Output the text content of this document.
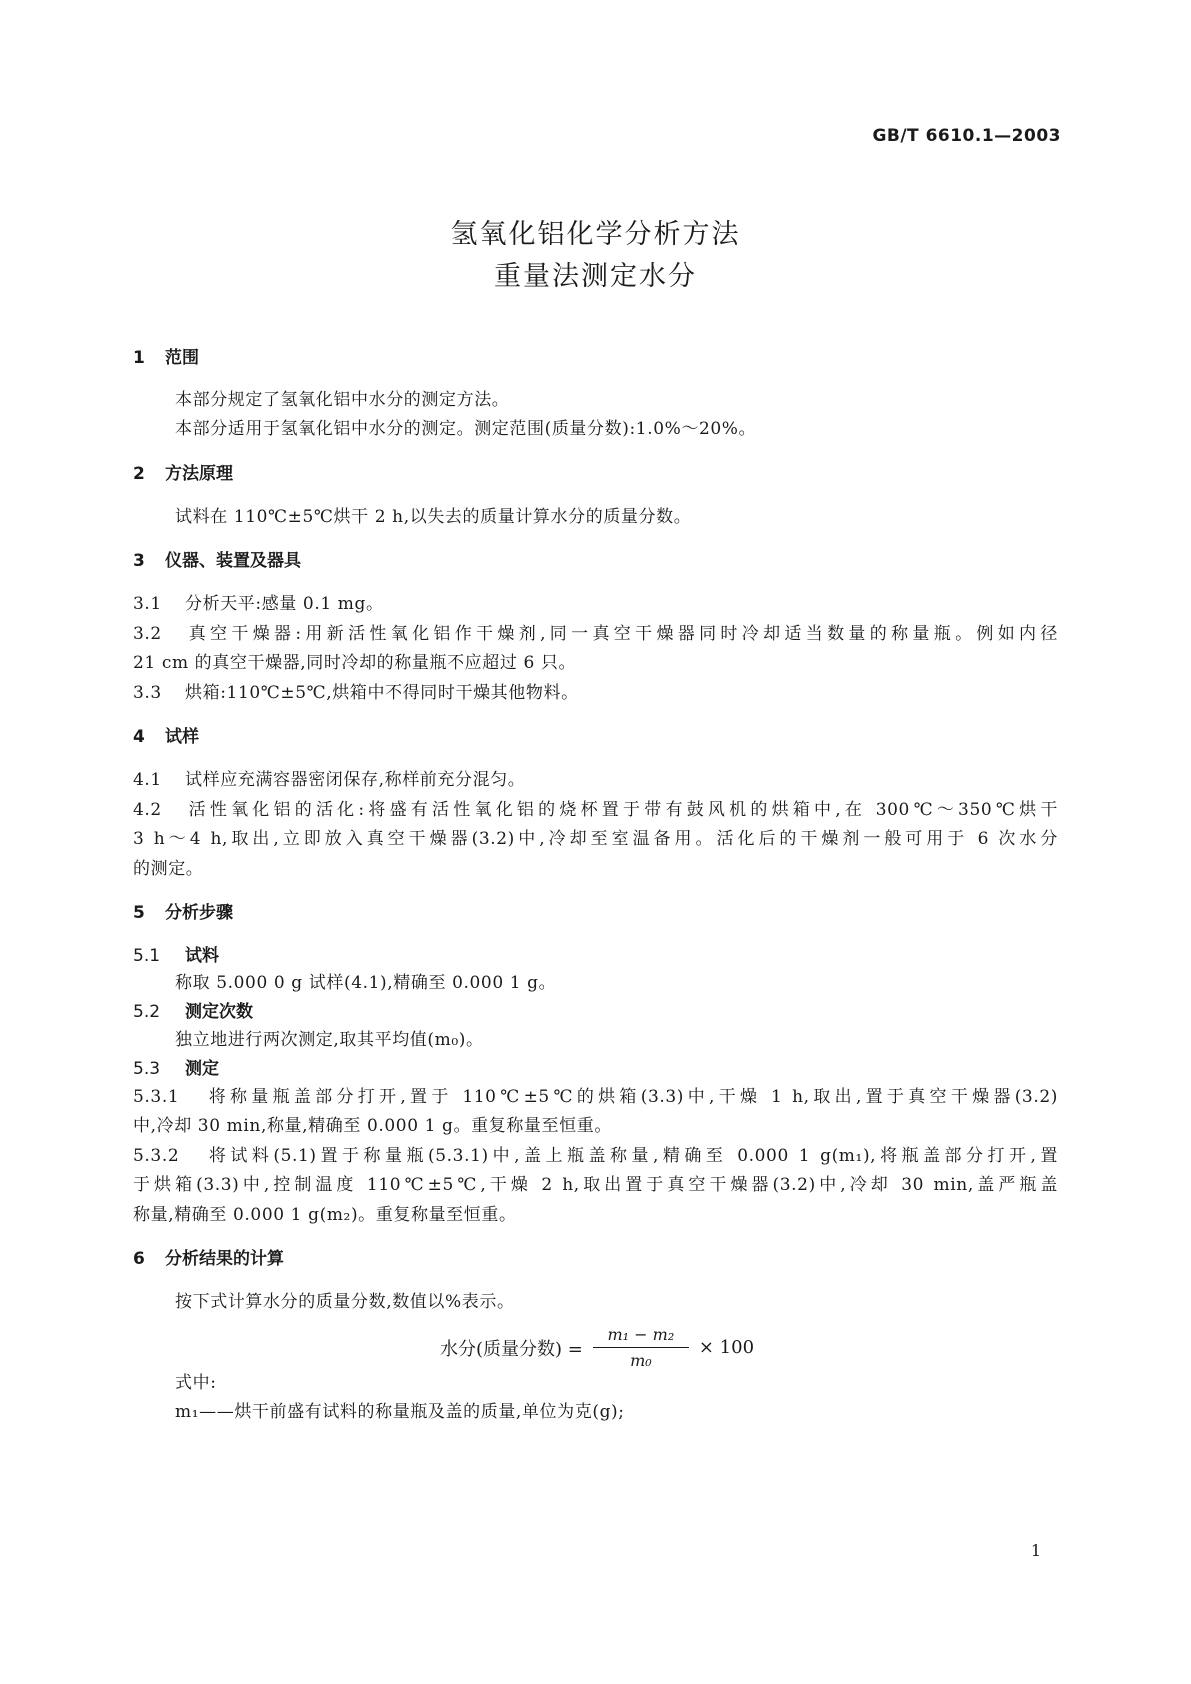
GB/T 6610.1—2003
氢氧化铝化学分析方法
重量法测定水分
1 范围
本部分规定了氢氧化铝中水分的测定方法。
本部分适用于氢氧化铝中水分的测定。测定范围(质量分数):1.0%～20%。
2 方法原理
试料在 110℃±5℃烘干 2 h,以失去的质量计算水分的质量分数。
3 仪器、装置及器具
3.1 分析天平:感量 0.1 mg。
3.2 真空干燥器:用新活性氧化铝作干燥剂,同一真空干燥器同时冷却适当数量的称量瓶。例如内径
21 cm 的真空干燥器,同时冷却的称量瓶不应超过 6 只。
3.3 烘箱:110℃±5℃,烘箱中不得同时干燥其他物料。
4 试样
4.1 试样应充满容器密闭保存,称样前充分混匀。
4.2 活性氧化铝的活化:将盛有活性氧化铝的烧杯置于带有鼓风机的烘箱中,在 300℃～350℃烘干
3 h～4 h,取出,立即放入真空干燥器(3.2)中,冷却至室温备用。活化后的干燥剂一般可用于 6 次水分
的测定。
5 分析步骤
5.1 试料
称取 5.000 0 g 试样(4.1),精确至 0.000 1 g。
5.2 测定次数
独立地进行两次测定,取其平均值(m₀)。
5.3 测定
5.3.1 将称量瓶盖部分打开,置于 110℃±5℃的烘箱(3.3)中,干燥 1 h,取出,置于真空干燥器(3.2)
中,冷却 30 min,称量,精确至 0.000 1 g。重复称量至恒重。
5.3.2 将试料(5.1)置于称量瓶(5.3.1)中,盖上瓶盖称量,精确至 0.000 1 g(m₁),将瓶盖部分打开,置
于烘箱(3.3)中,控制温度 110℃±5℃,干燥 2 h,取出置于真空干燥器(3.2)中,冷却 30 min,盖严瓶盖
称量,精确至 0.000 1 g(m₂)。重复称量至恒重。
6 分析结果的计算
按下式计算水分的质量分数,数值以%表示。
水分(质量分数) = $\frac{\text{m₁ − m₂}}{\text{m₀}} \times 100$
式中:
m₁——烘干前盛有试料的称量瓶及盖的质量,单位为克(g);
1
